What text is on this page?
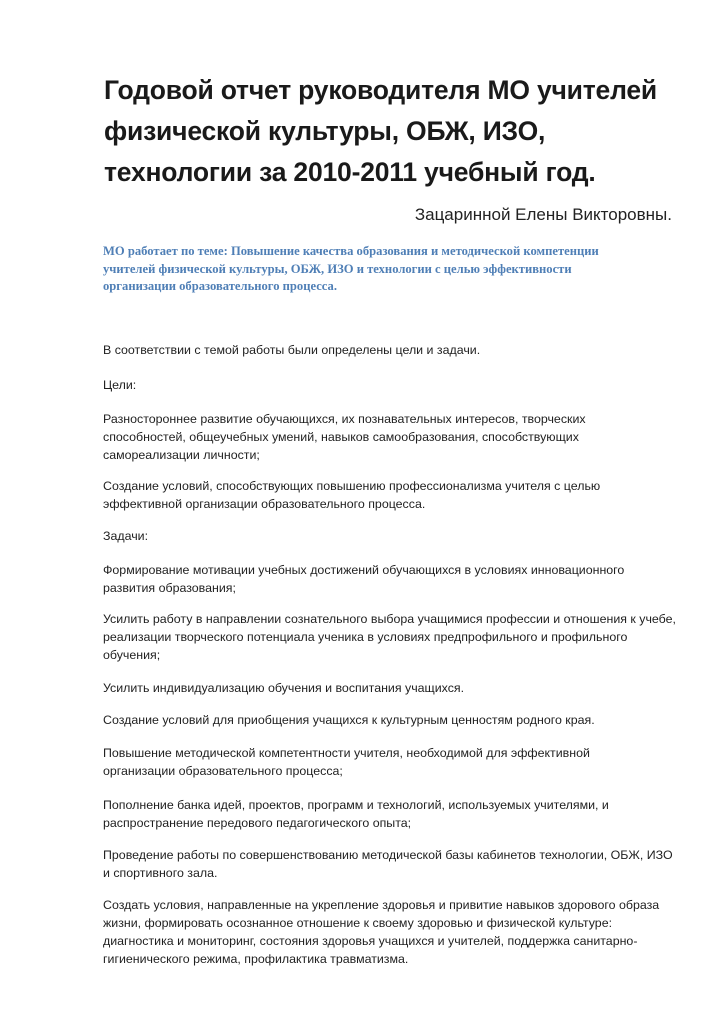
Годовой отчет руководителя МО учителей
физической культуры, ОБЖ, ИЗО,
технологии за 2010-2011 учебный год.
Зацаринной Елены Викторовны.
МО работает по теме: Повышение качества образования и методической компетенции
учителей физической культуры, ОБЖ, ИЗО и технологии с целью эффективности
организации образовательного процесса.
В соответствии с темой работы были определены цели и задачи.
Цели:
Разностороннее развитие обучающихся, их познавательных интересов, творческих
способностей, общеучебных умений, навыков самообразования, способствующих
самореализации личности;
Создание условий, способствующих повышению профессионализма учителя с целью
эффективной организации образовательного процесса.
Задачи:
Формирование мотивации учебных достижений обучающихся в условиях инновационного
развития образования;
Усилить работу в направлении сознательного выбора учащимися профессии и отношения к учебе,
реализации творческого потенциала ученика в условиях предпрофильного и профильного
обучения;
Усилить индивидуализацию обучения и воспитания учащихся.
Создание условий для приобщения учащихся к культурным ценностям родного края.
Повышение методической компетентности учителя, необходимой для эффективной
организации образовательного процесса;
Пополнение банка идей, проектов, программ и технологий, используемых учителями, и
распространение передового педагогического опыта;
Проведение работы по совершенствованию методической базы кабинетов технологии, ОБЖ, ИЗО
и спортивного зала.
Создать условия, направленные на укрепление здоровья и привитие навыков здорового образа
жизни, формировать осознанное отношение к своему здоровью и физической культуре:
диагностика и мониторинг, состояния здоровья учащихся и учителей, поддержка санитарно-
гигиенического режима, профилактика травматизма.
